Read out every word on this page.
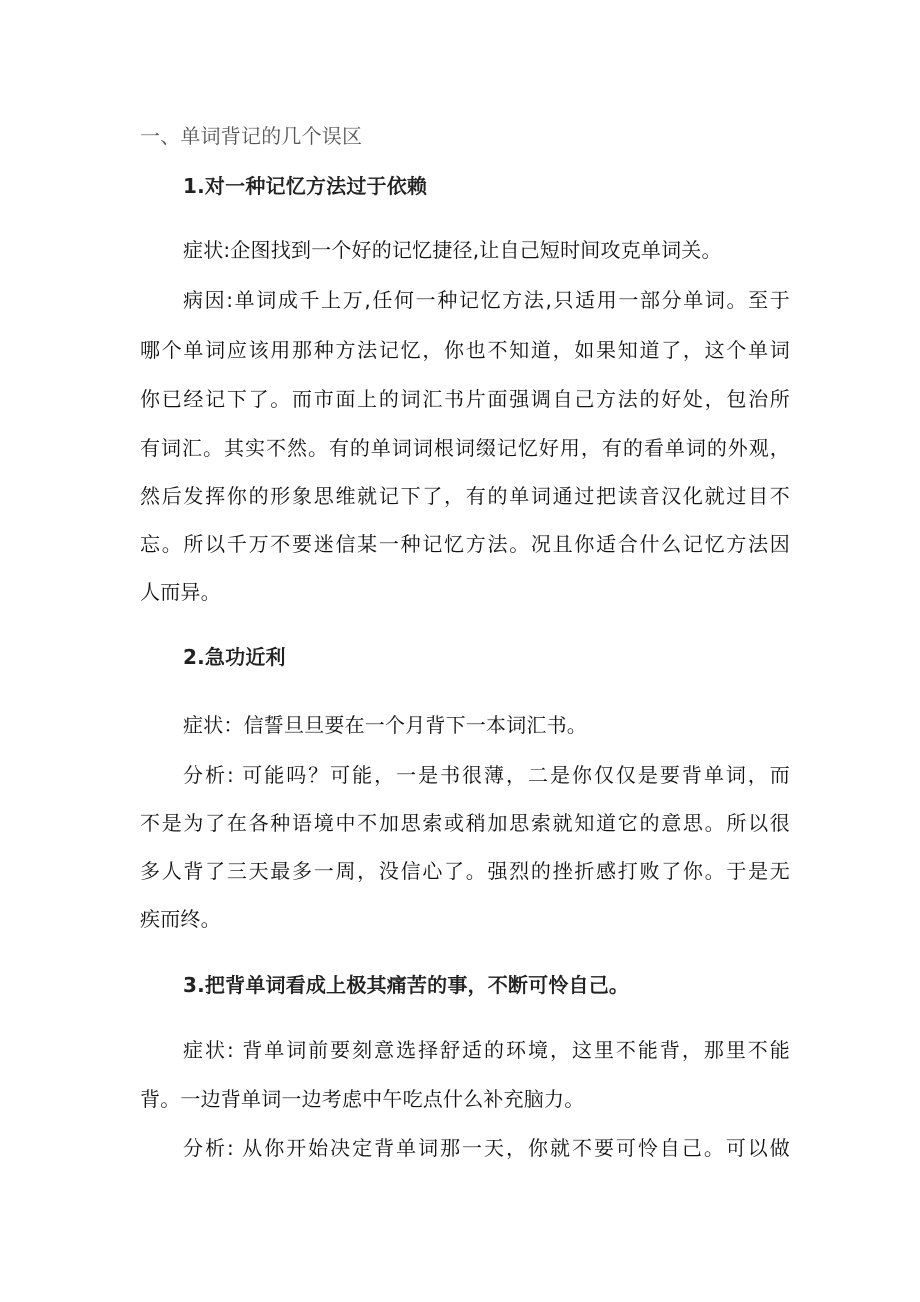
一、单词背记的几个误区
1.对一种记忆方法过于依赖
症状:企图找到一个好的记忆捷径,让自己短时间攻克单词关。
病因:单词成千上万,任何一种记忆方法,只适用一部分单词。至于
哪个单词应该用那种方法记忆，你也不知道，如果知道了，这个单词
你已经记下了。而市面上的词汇书片面强调自己方法的好处，包治所
有词汇。其实不然。有的单词词根词缀记忆好用，有的看单词的外观，
然后发挥你的形象思维就记下了，有的单词通过把读音汉化就过目不
忘。所以千万不要迷信某一种记忆方法。况且你适合什么记忆方法因
人而异。
2.急功近利
症状：信誓旦旦要在一个月背下一本词汇书。
分析: 可能吗？可能，一是书很薄，二是你仅仅是要背单词，而
不是为了在各种语境中不加思索或稍加思索就知道它的意思。所以很
多人背了三天最多一周，没信心了。强烈的挫折感打败了你。于是无
疾而终。
3.把背单词看成上极其痛苦的事，不断可怜自己。
症状: 背单词前要刻意选择舒适的环境，这里不能背，那里不能
背。一边背单词一边考虑中午吃点什么补充脑力。
分析: 从你开始决定背单词那一天，你就不要可怜自己。可以做
